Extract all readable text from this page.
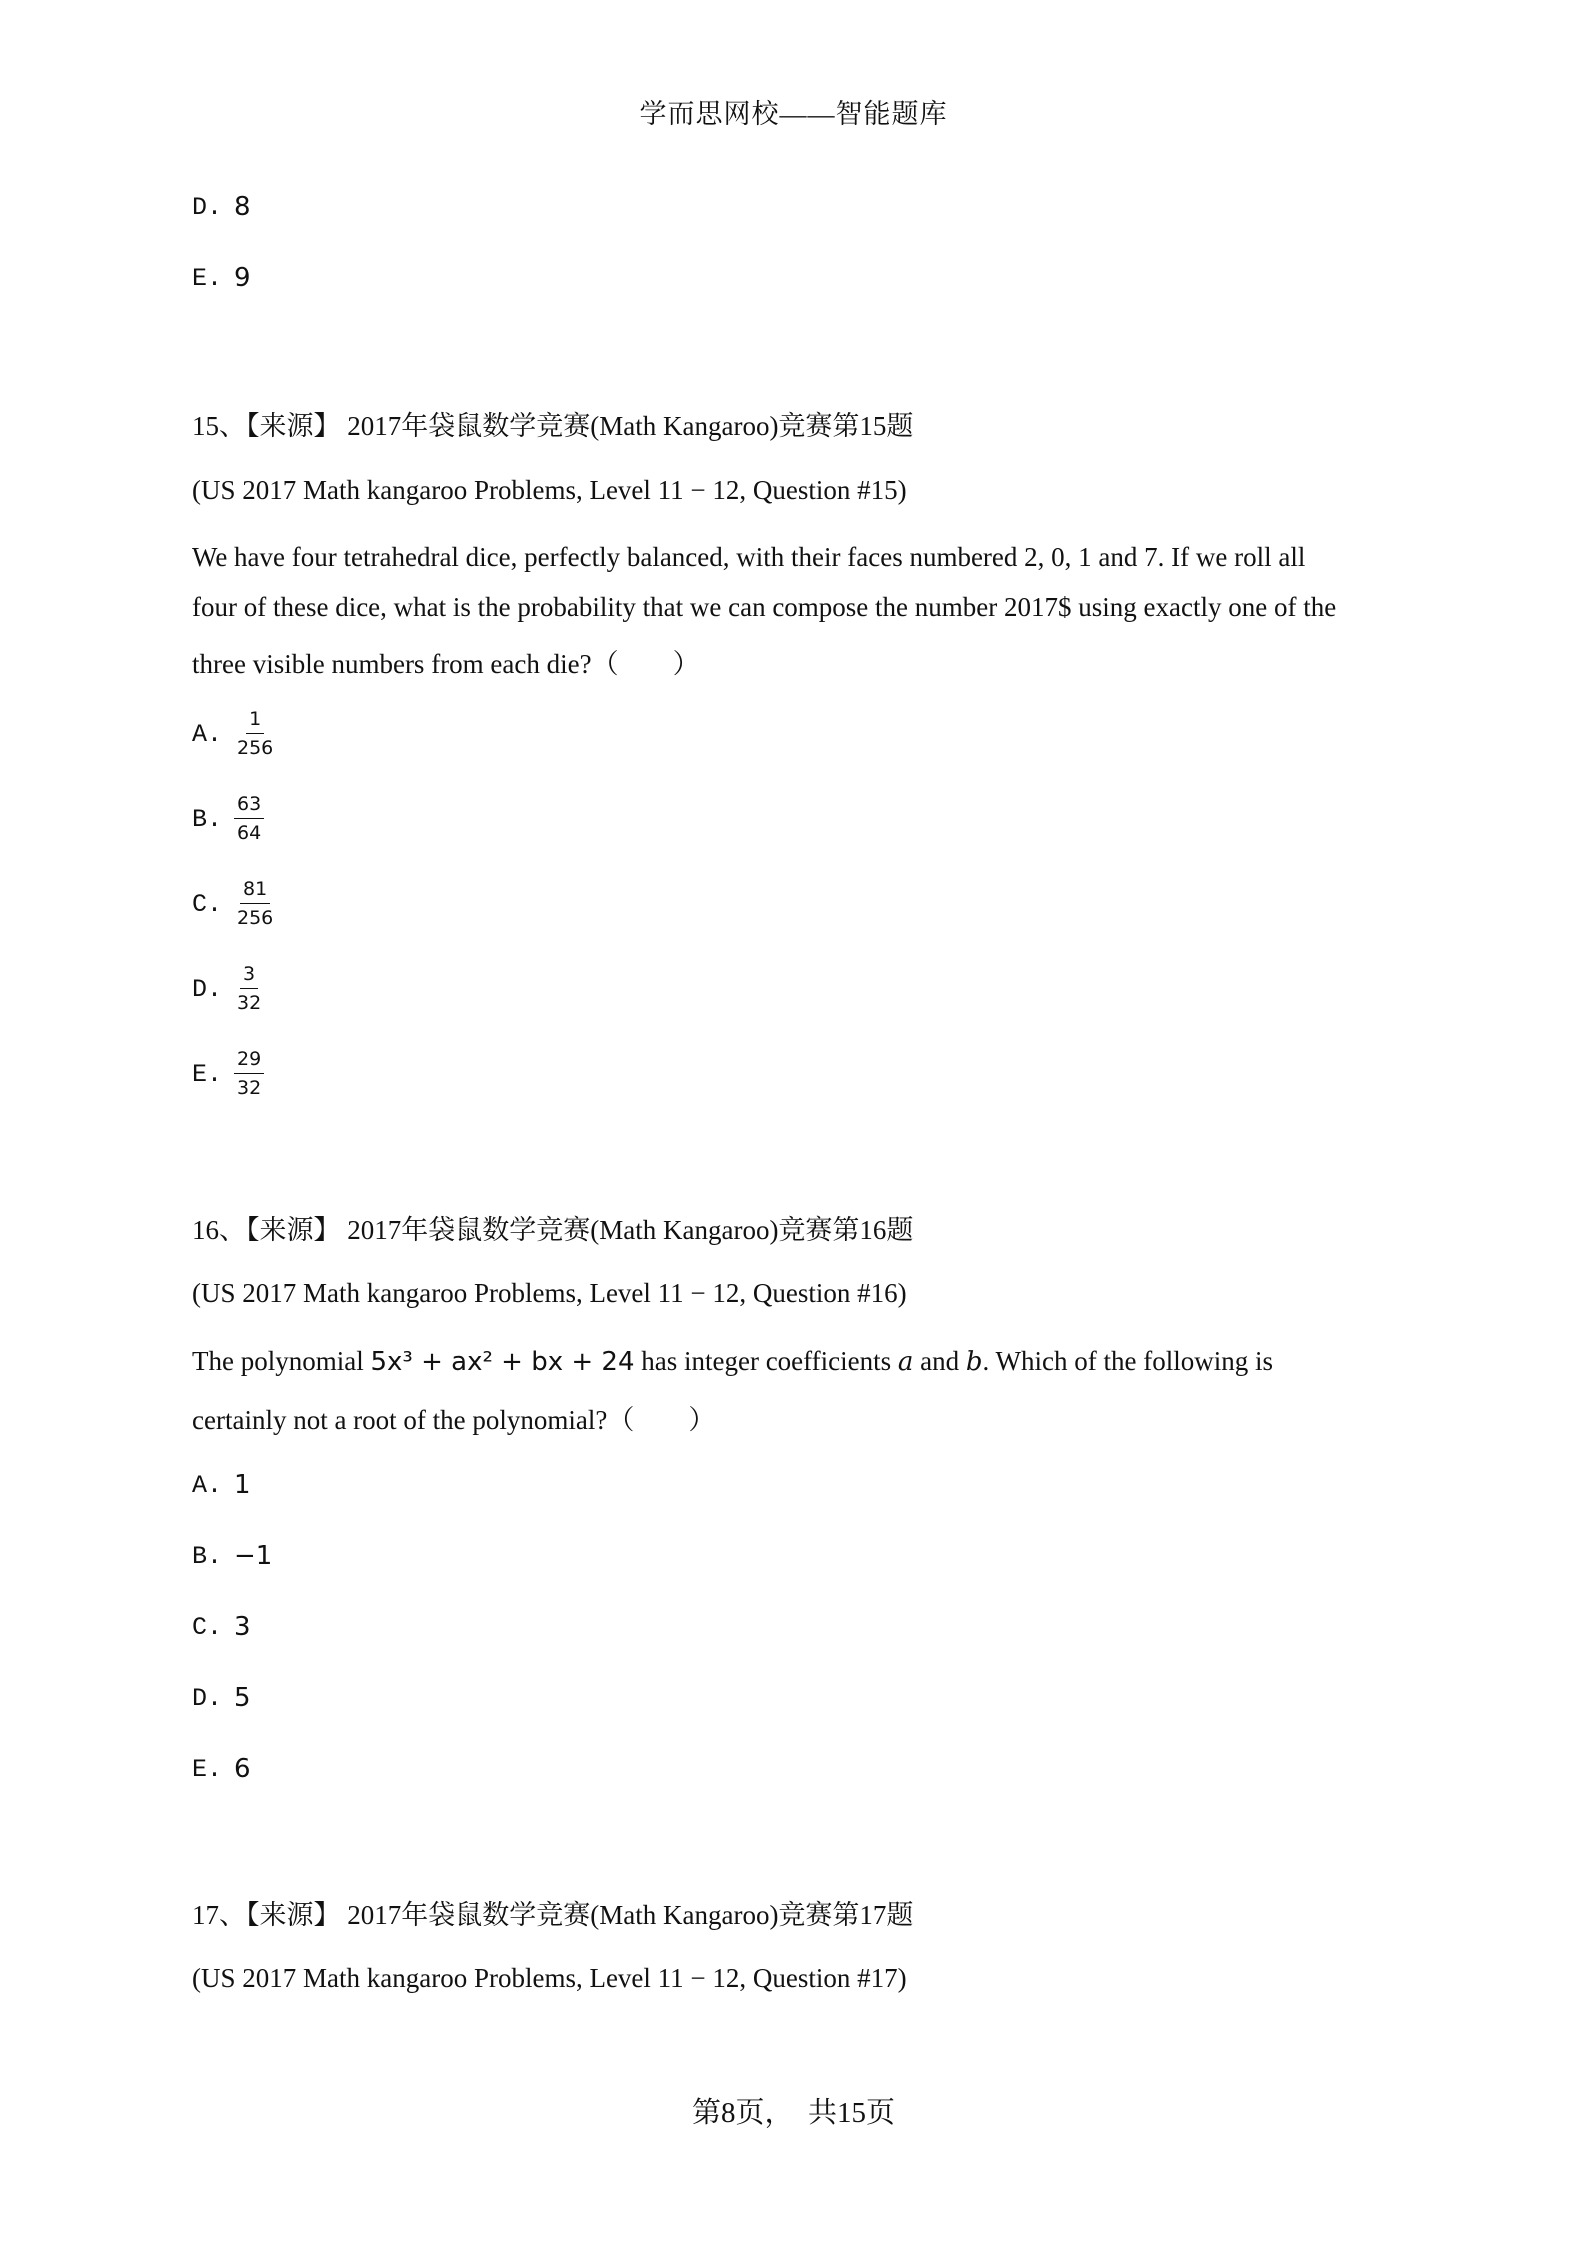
学而思网校——智能题库
D. 8
E. 9
15、【来源】 2017年袋鼠数学竞赛(Math Kangaroo)竞赛第15题
(US 2017 Math kangaroo Problems, Level 11 − 12, Question #15)
We have four tetrahedral dice, perfectly balanced, with their faces numbered 2, 0, 1 and 7. If we roll all
four of these dice, what is the probability that we can compose the number 2017$ using exactly one of the
three visible numbers from each die?（　　）
A. $\frac{1}{256}$
B. $\frac{63}{64}$
C. $\frac{81}{256}$
D. $\frac{3}{32}$
E. $\frac{29}{32}$
16、【来源】 2017年袋鼠数学竞赛(Math Kangaroo)竞赛第16题
(US 2017 Math kangaroo Problems, Level 11 − 12, Question #16)
The polynomial 5x³ + ax² + bx + 24 has integer coefficients a and b. Which of the following is
certainly not a root of the polynomial?（　　）
A. 1
B. −1
C. 3
D. 5
E. 6
17、【来源】 2017年袋鼠数学竞赛(Math Kangaroo)竞赛第17题
(US 2017 Math kangaroo Problems, Level 11 − 12, Question #17)
第8页，　共15页
